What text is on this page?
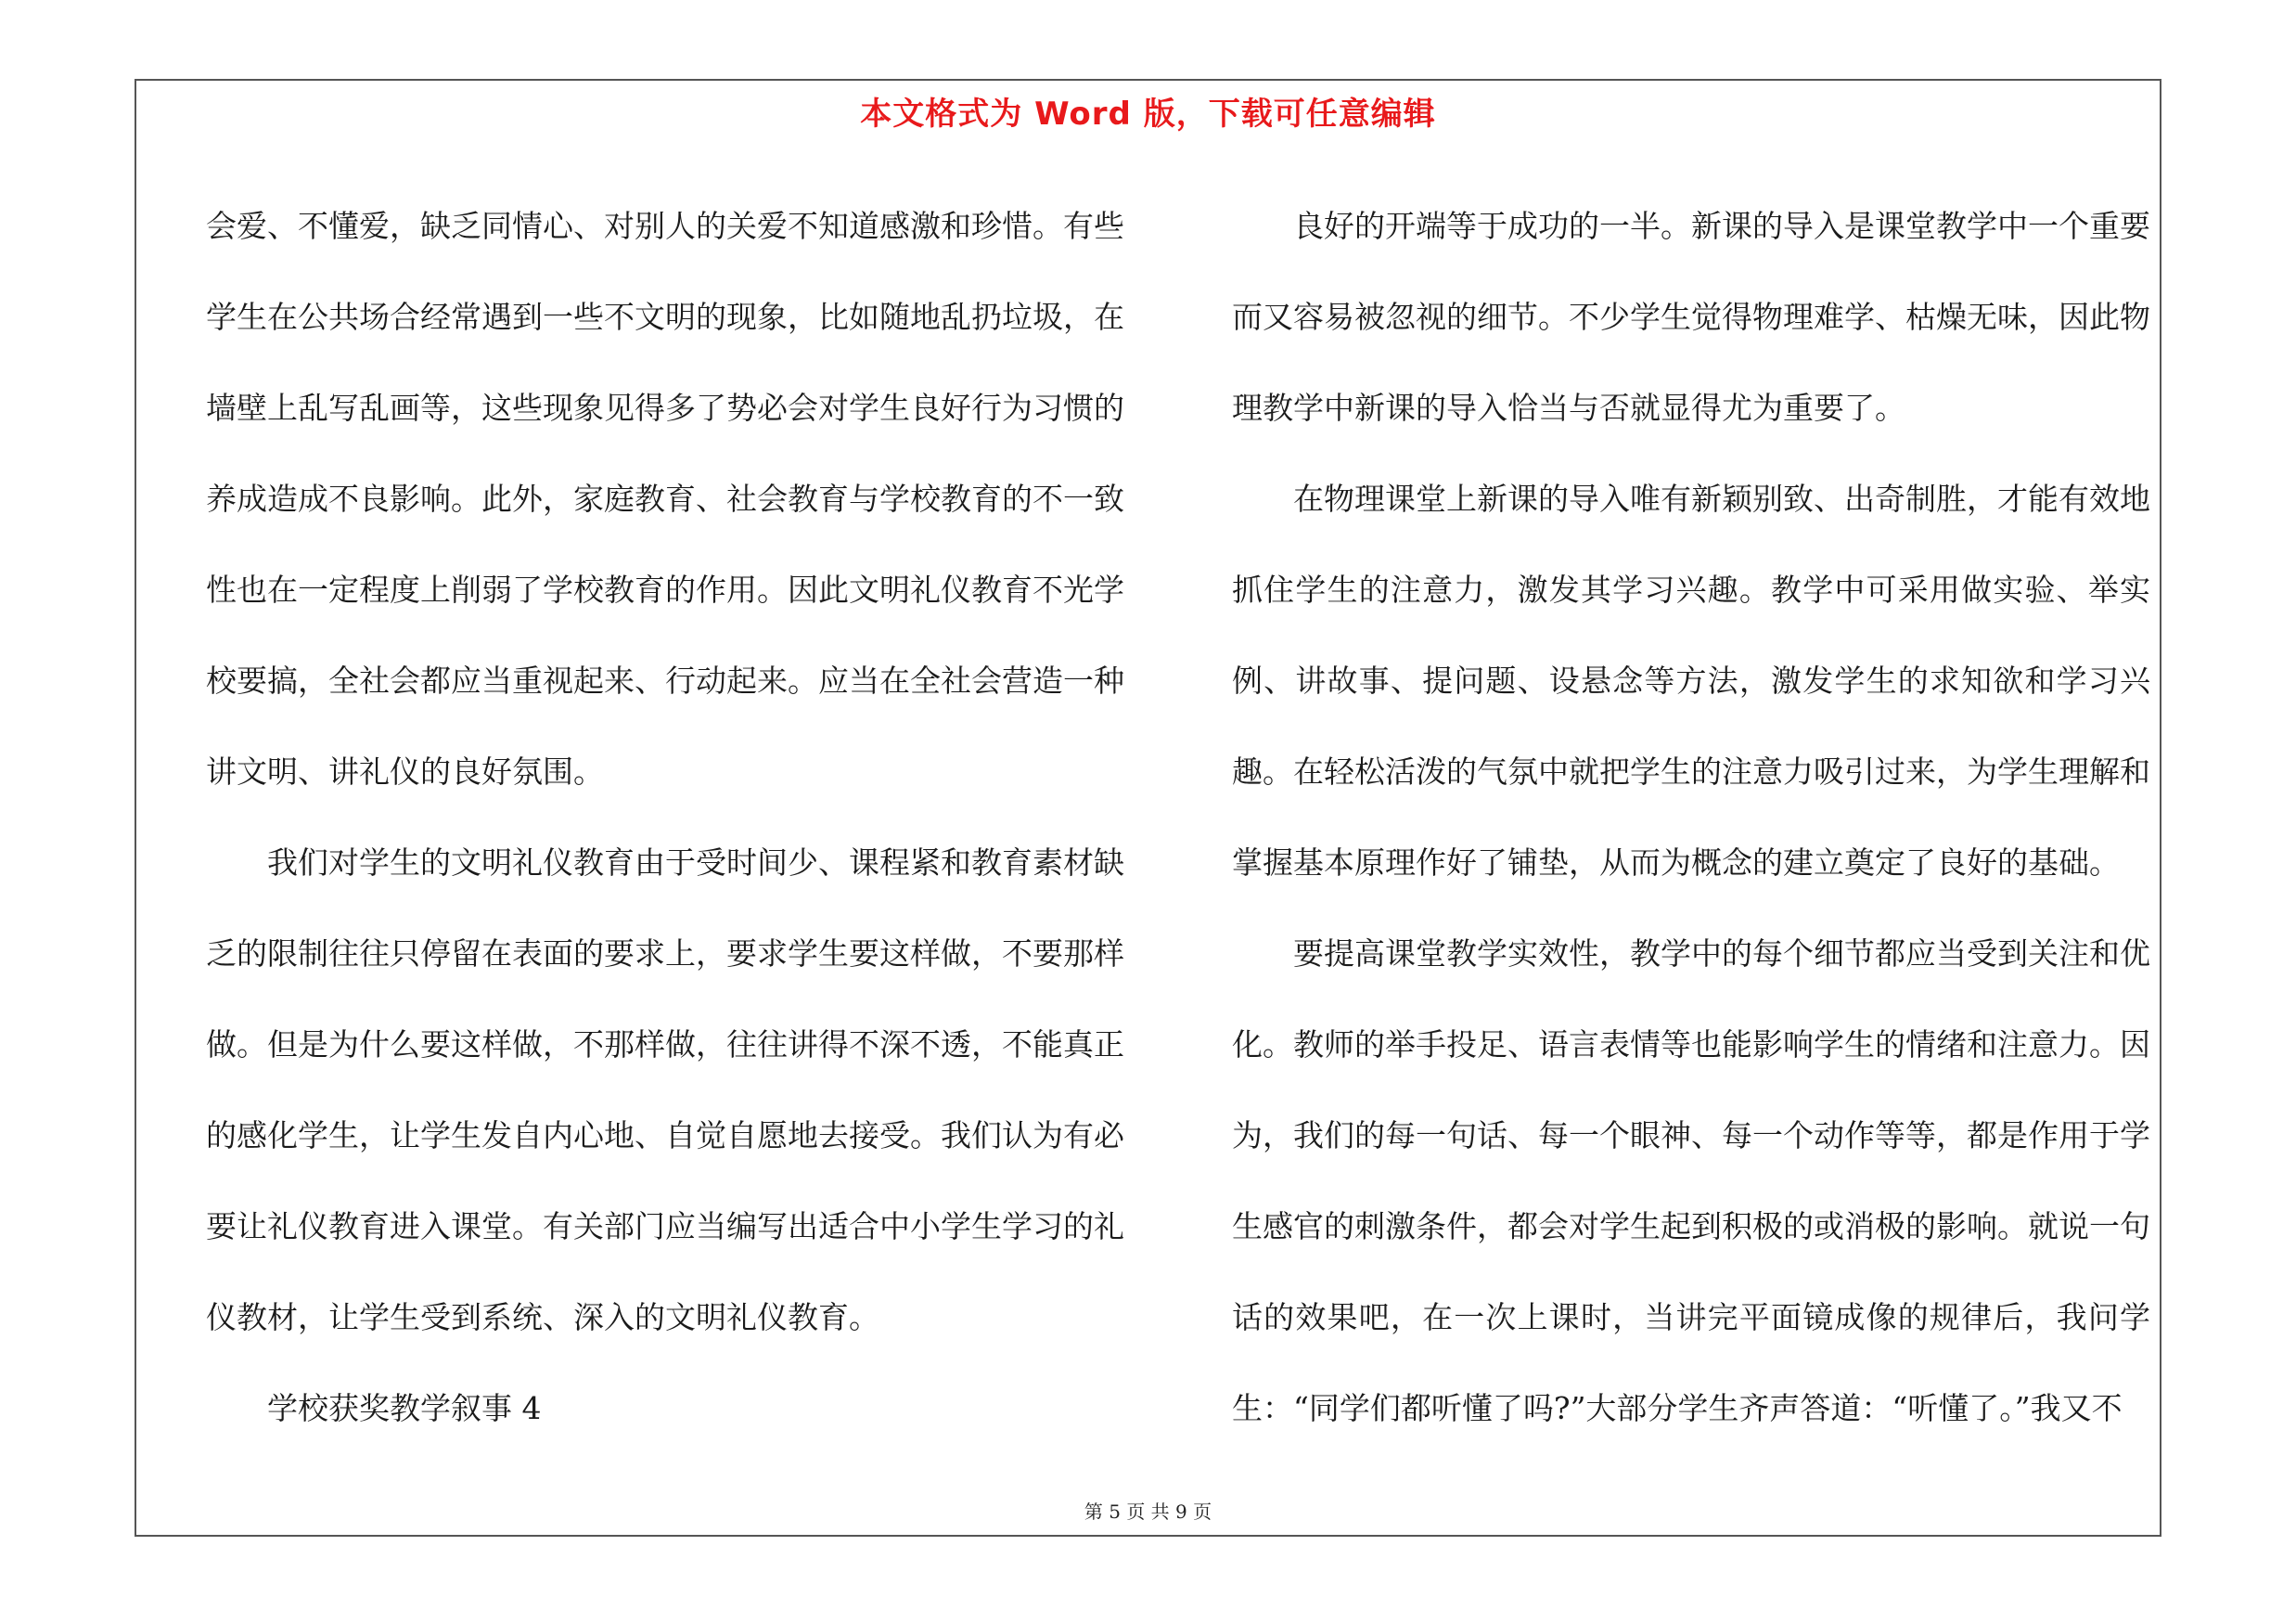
本文格式为 Word 版，下载可任意编辑

会爱、不懂爱，缺乏同情心、对别人的关爱不知道感激和珍惜。有些学生在公共场合经常遇到一些不文明的现象，比如随地乱扔垃圾，在墙壁上乱写乱画等，这些现象见得多了势必会对学生良好行为习惯的养成造成不良影响。此外，家庭教育、社会教育与学校教育的不一致性也在一定程度上削弱了学校教育的作用。因此文明礼仪教育不光学校要搞，全社会都应当重视起来、行动起来。应当在全社会营造一种讲文明、讲礼仪的良好氛围。

我们对学生的文明礼仪教育由于受时间少、课程紧和教育素材缺乏的限制往往只停留在表面的要求上，要求学生要这样做，不要那样做。但是为什么要这样做，不那样做，往往讲得不深不透，不能真正的感化学生，让学生发自内心地、自觉自愿地去接受。我们认为有必要让礼仪教育进入课堂。有关部门应当编写出适合中小学生学习的礼仪教材，让学生受到系统、深入的文明礼仪教育。

学校获奖教学叙事 4

良好的开端等于成功的一半。新课的导入是课堂教学中一个重要而又容易被忽视的细节。不少学生觉得物理难学、枯燥无味，因此物理教学中新课的导入恰当与否就显得尤为重要了。

在物理课堂上新课的导入唯有新颖别致、出奇制胜，才能有效地抓住学生的注意力，激发其学习兴趣。教学中可采用做实验、举实例、讲故事、提问题、设悬念等方法，激发学生的求知欲和学习兴趣。在轻松活泼的气氛中就把学生的注意力吸引过来，为学生理解和掌握基本原理作好了铺垫，从而为概念的建立奠定了良好的基础。

要提高课堂教学实效性，教学中的每个细节都应当受到关注和优化。教师的举手投足、语言表情等也能影响学生的情绪和注意力。因为，我们的每一句话、每一个眼神、每一个动作等等，都是作用于学生感官的刺激条件，都会对学生起到积极的或消极的影响。就说一句话的效果吧，在一次上课时，当讲完平面镜成像的规律后，我问学生：“同学们都听懂了吗?”大部分学生齐声答道：“听懂了。”我又不

第 5 页 共 9 页
